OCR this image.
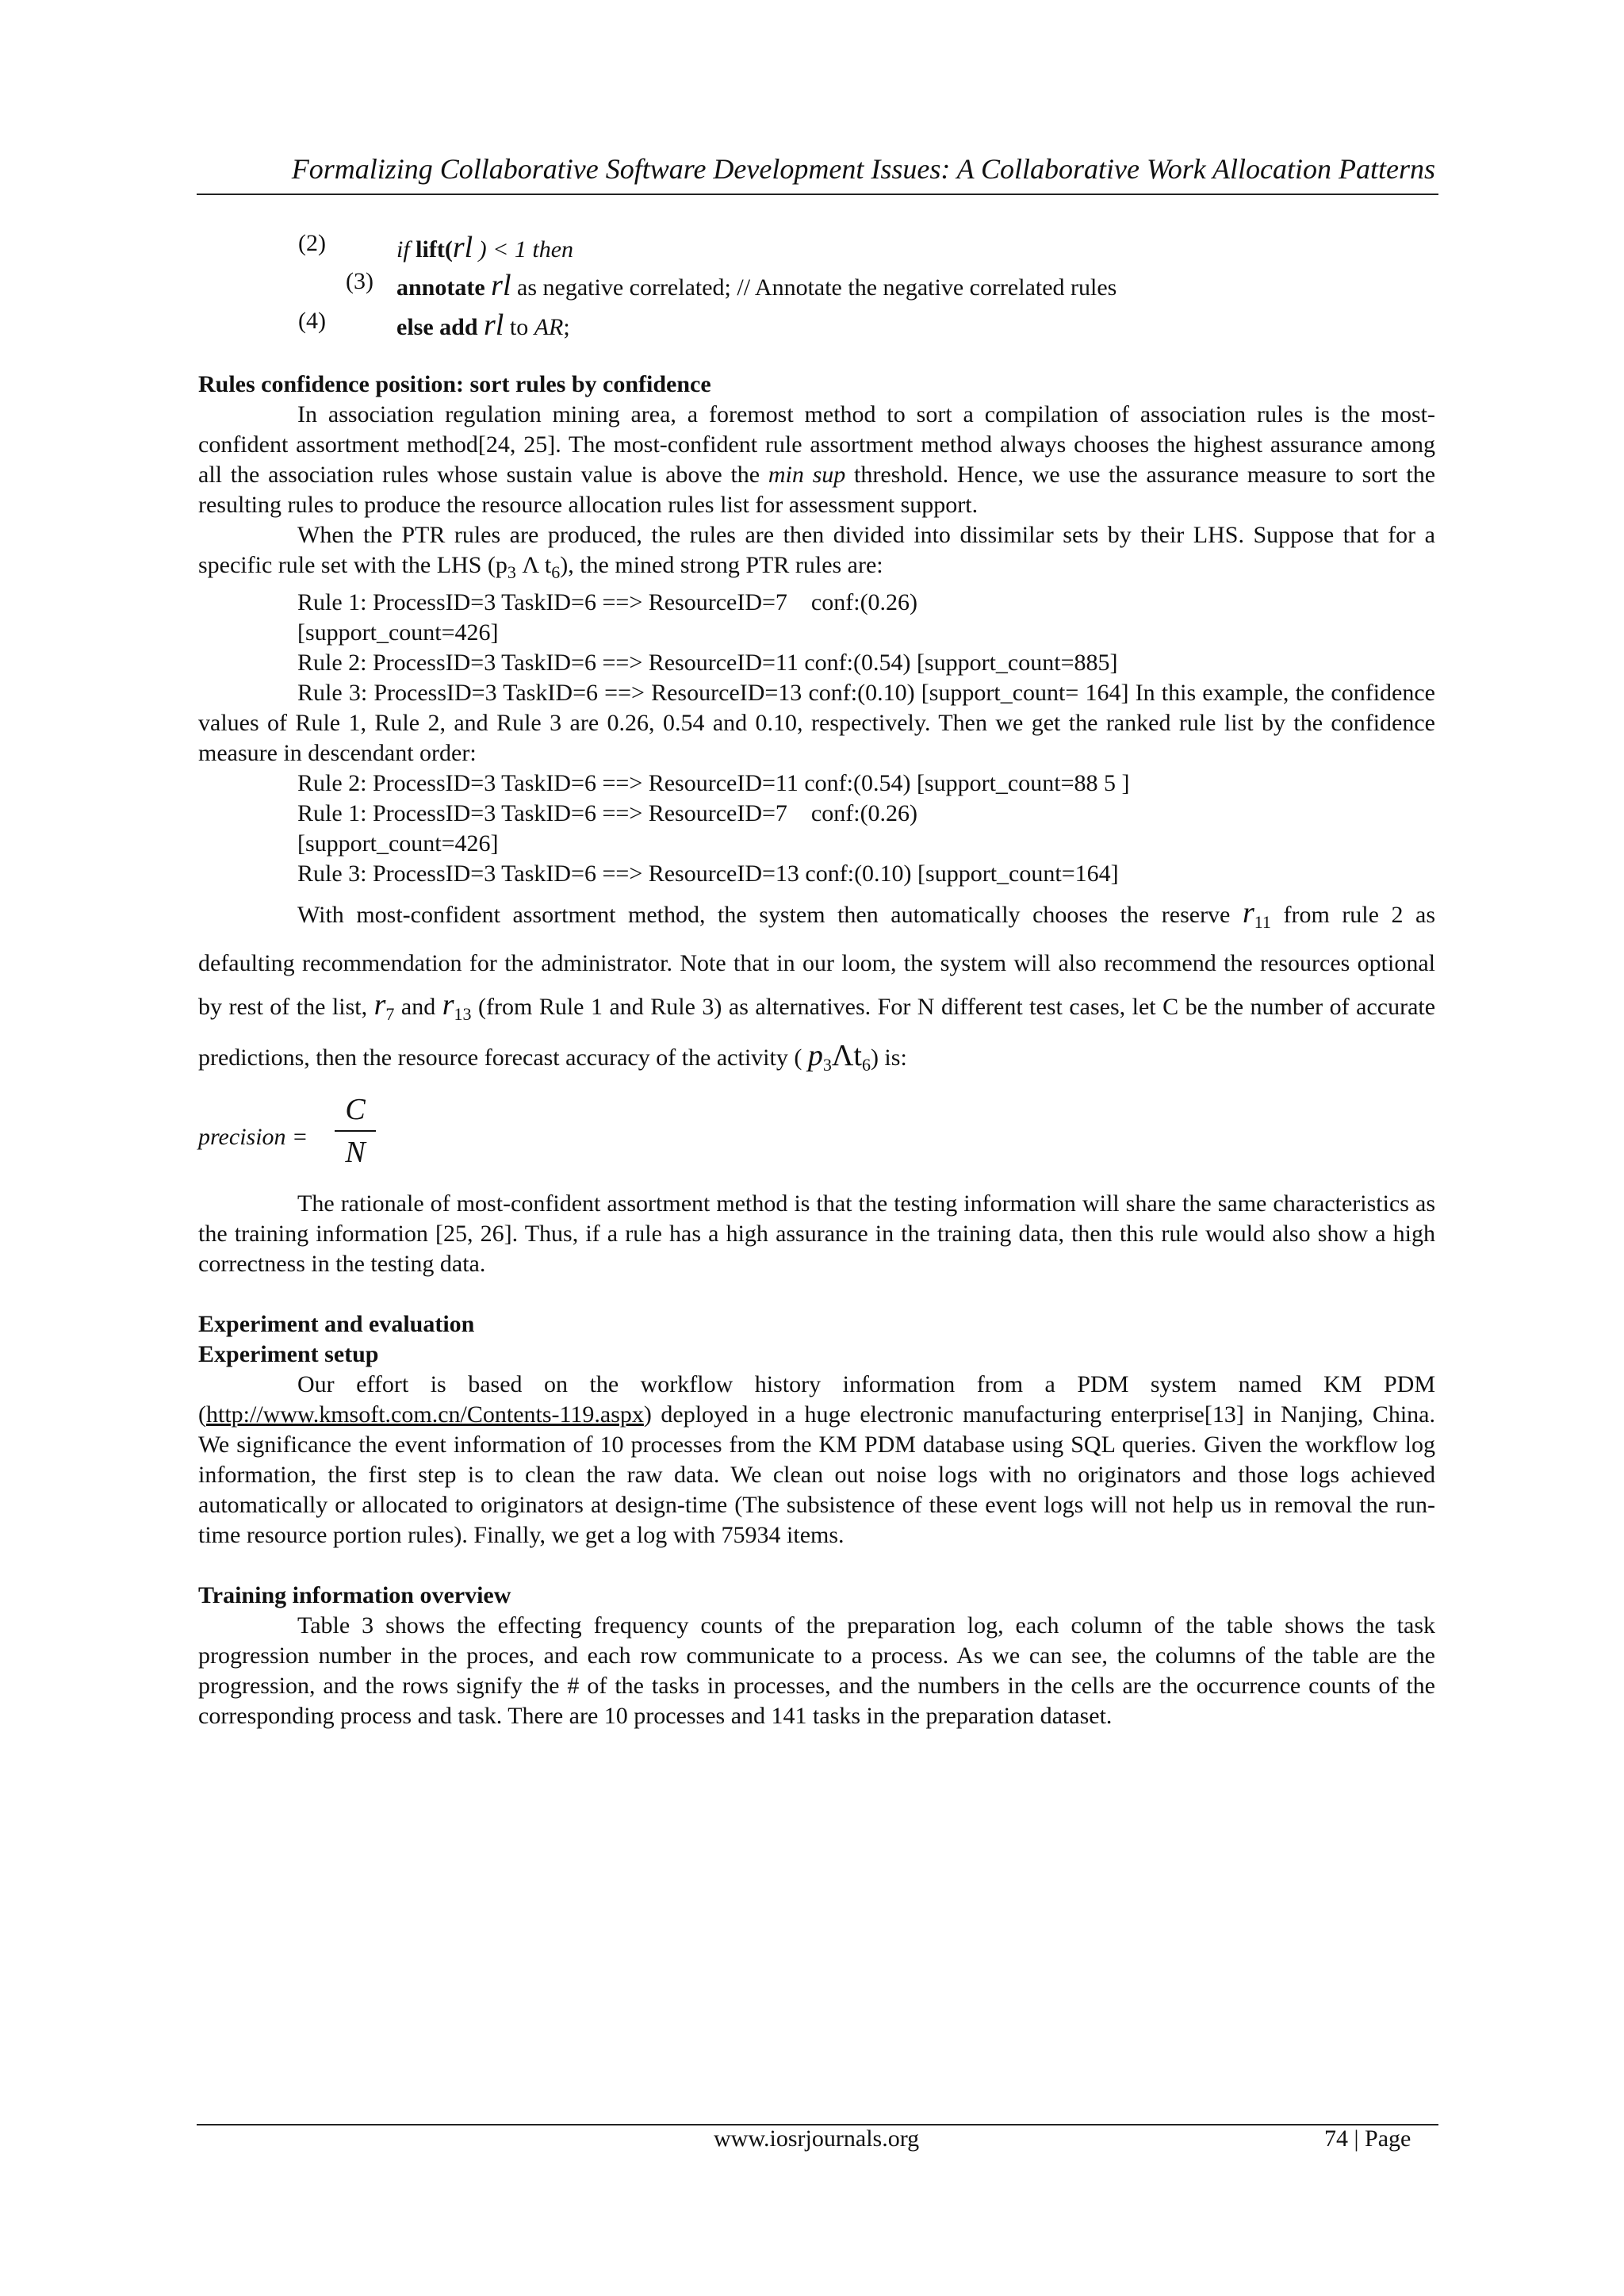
Formalizing Collaborative Software Development Issues: A Collaborative Work Allocation Patterns
(2)	if lift(rl ) < 1 then
(3) annotate rl as negative correlated; // Annotate the negative correlated rules
(4)	else add rl to AR;

Rules confidence position: sort rules by confidence

In association regulation mining area, a foremost method to sort a compilation of association rules is the most-confident assortment method[24, 25]. The most-confident rule assortment method always chooses the highest assurance among all the association rules whose sustain value is above the min sup threshold. Hence, we use the assurance measure to sort the resulting rules to produce the resource allocation rules list for assessment support.

When the PTR rules are produced, the rules are then divided into dissimilar sets by their LHS. Suppose that for a specific rule set with the LHS ($p_3$ Λ $t_6$), the mined strong PTR rules are:

Rule 1: ProcessID=3 TaskID=6 ==> ResourceID=7    conf:(0.26)

[support_count=426]

Rule 2: ProcessID=3 TaskID=6 ==> ResourceID=11 conf:(0.54) [support_count=885]

Rule 3: ProcessID=3 TaskID=6 ==> ResourceID=13 conf:(0.10) [support_count= 164] In this example, the confidence values of Rule 1, Rule 2, and Rule 3 are 0.26, 0.54 and 0.10, respectively. Then we get the ranked rule list by the confidence measure in descendant order:

Rule 2: ProcessID=3 TaskID=6 ==> ResourceID=11 conf:(0.54) [support_count=88 5 ]

Rule 1: ProcessID=3 TaskID=6 ==> ResourceID=7    conf:(0.26)

[support_count=426]

Rule 3: ProcessID=3 TaskID=6 ==> ResourceID=13 conf:(0.10) [support_count=164]

With most-confident assortment method, the system then automatically chooses the reserve $r_{11}$ from rule 2 as defaulting recommendation for the administrator. Note that in our loom, the system will also recommend the resources optional by rest of the list, $r_7$ and $r_{13}$ (from Rule 1 and Rule 3) as alternatives. For N different test cases, let C be the number of accurate predictions, then the resource forecast accuracy of the activity ( $p_3\Lambda t_6$) is:

precision =
C
N

The rationale of most-confident assortment method is that the testing information will share the same characteristics as the training information [25, 26]. Thus, if a rule has a high assurance in the training data, then this rule would also show a high correctness in the testing data.

Experiment and evaluation

Experiment setup

Our effort is based on the workflow history information from a PDM system named KM PDM (http://www.kmsoft.com.cn/Contents-119.aspx) deployed in a huge electronic manufacturing enterprise[13] in Nanjing, China. We significance the event information of 10 processes from the KM PDM database using SQL queries. Given the workflow log information, the first step is to clean the raw data. We clean out noise logs with no originators and those logs achieved automatically or allocated to originators at design-time (The subsistence of these event logs will not help us in removal the run-time resource portion rules). Finally, we get a log with 75934 items.

Training information overview

Table 3 shows the effecting frequency counts of the preparation log, each column of the table shows the task progression number in the proces, and each row communicate to a process. As we can see, the columns of the table are the progression, and the rows signify the # of the tasks in processes, and the numbers in the cells are the occurrence counts of the corresponding process and task. There are 10 processes and 141 tasks in the preparation dataset.

www.iosrjournals.org	74 | Page
